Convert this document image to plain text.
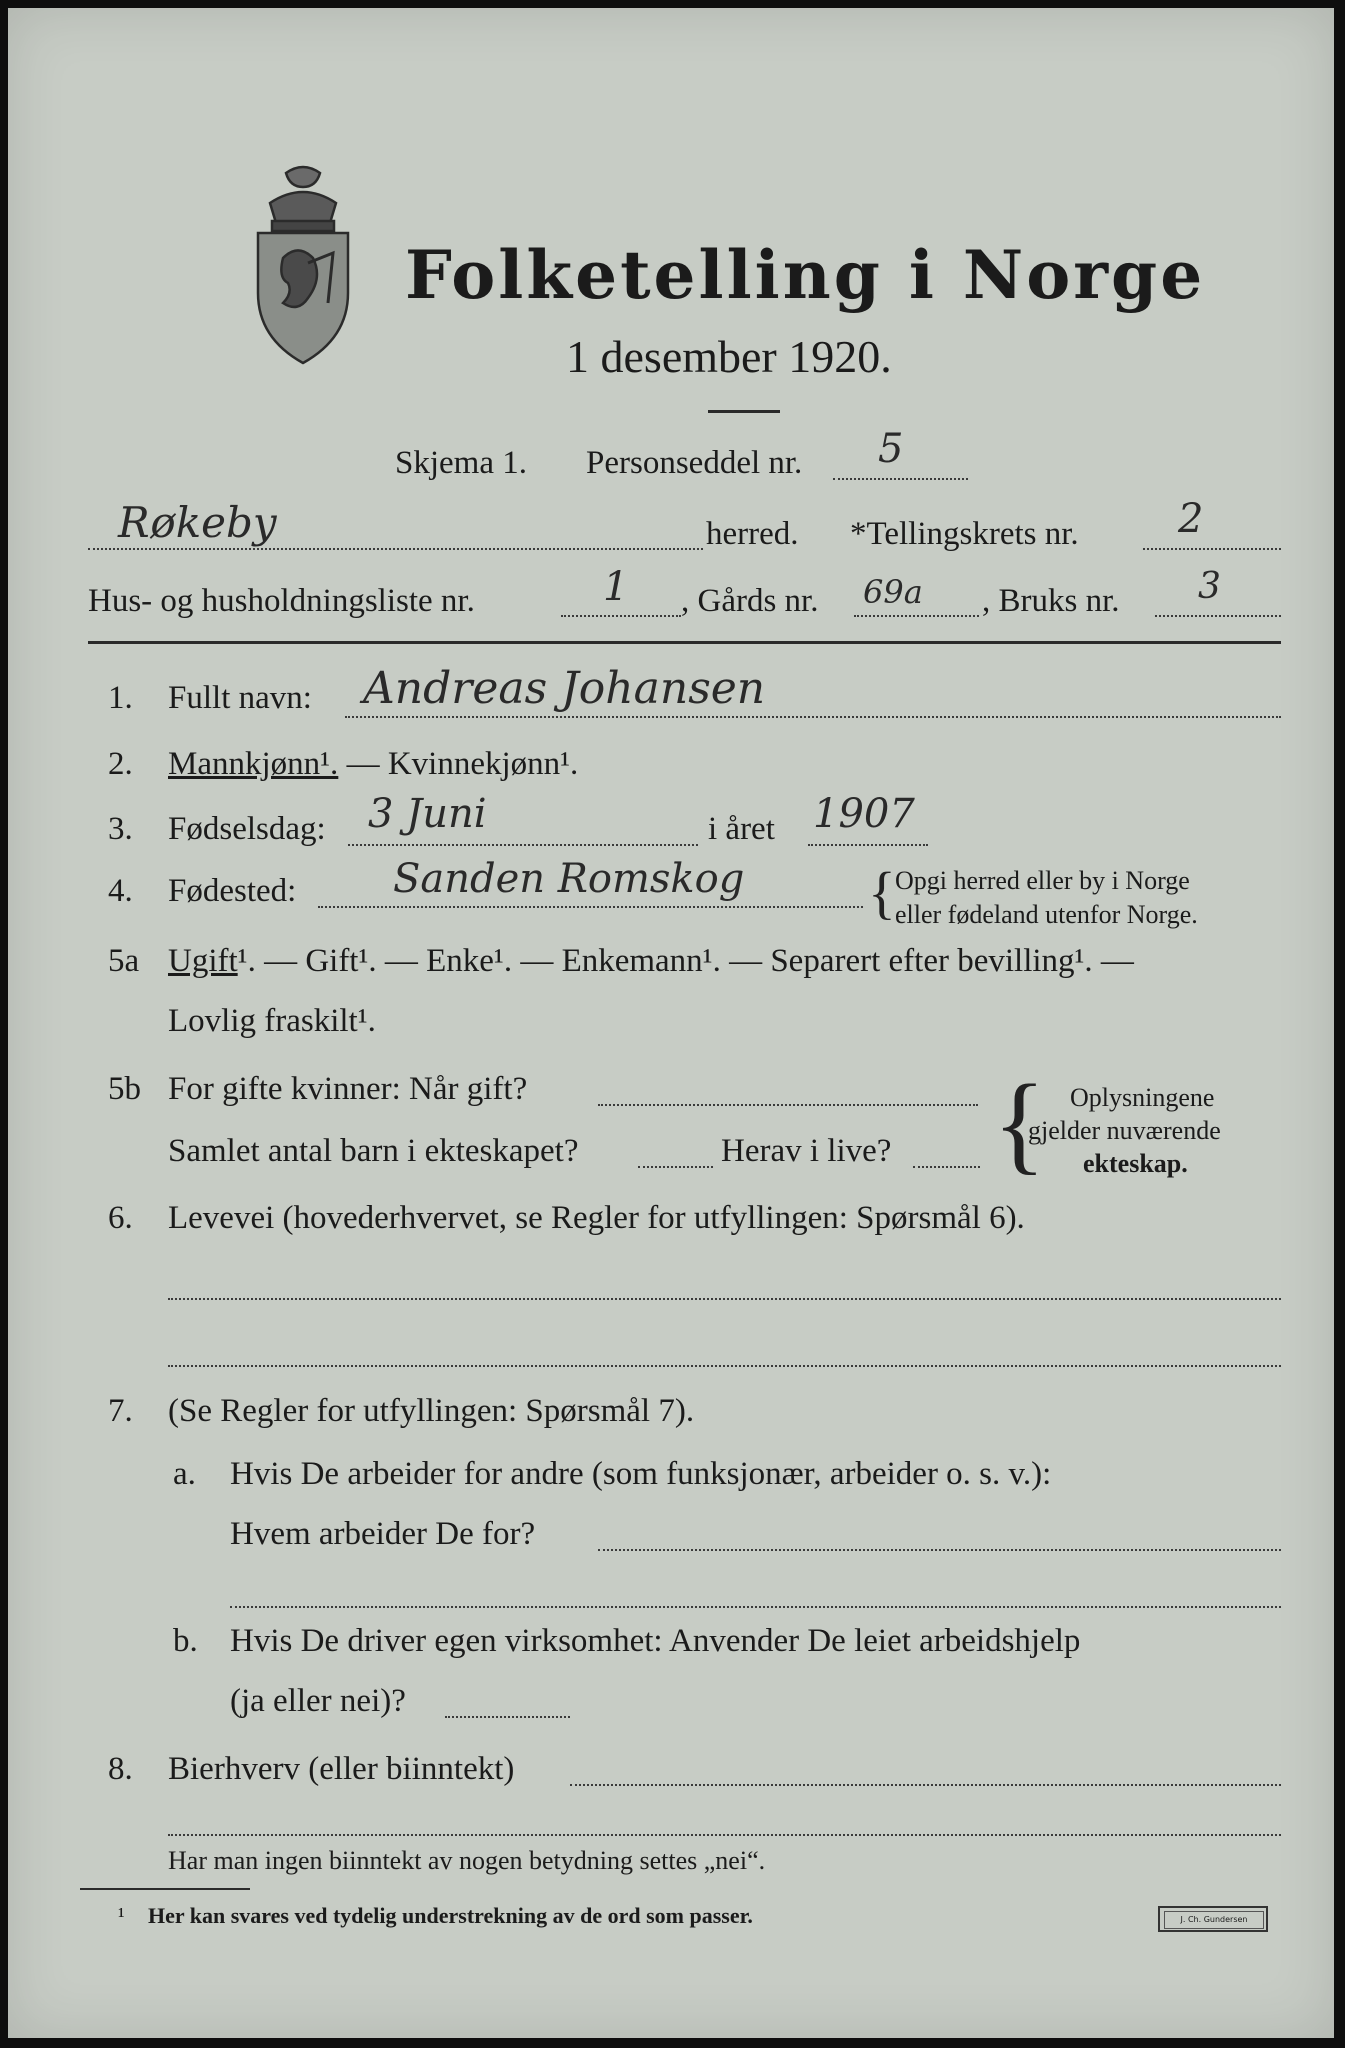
Folketelling i Norge
1 desember 1920.
Skjema 1. Personseddel nr. 5
Røkeby	herred. *Tellingskrets nr. 2
Hus- og husholdningsliste nr.	1 , Gårds nr. 69a , Bruks nr. 3
1. Fullt navn: Andreas Johansen
2. Mannkjønn¹. — Kvinnekjønn¹.
3. Fødselsdag: 3 Juni	i året 1907
4. Fødested: Sanden Romskog { Opgi herred eller by i Norge
eller fødeland utenfor Norge.
5a Ugift¹. — Gift¹. — Enke¹. — Enkemann¹. — Separert efter bevilling¹. —
Lovlig fraskilt¹.
5b For gifte kvinner: Når gift?
Samlet antal barn i ekteskapet?	Herav i live? { Oplysningene
gjelder nuværende
ekteskap.
6. Levevei (hovederhvervet, se Regler for utfyllingen: Spørsmål 6).
7. (Se Regler for utfyllingen: Spørsmål 7).
a. Hvis De arbeider for andre (som funksjonær, arbeider o. s. v.):
Hvem arbeider De for?
b. Hvis De driver egen virksomhet: Anvender De leiet arbeidshjelp
(ja eller nei)?
8. Bierhverv (eller biinntekt)
Har man ingen biinntekt av nogen betydning settes „nei“.
¹ Her kan svares ved tydelig understrekning av de ord som passer.	J. Ch. Gundersen
